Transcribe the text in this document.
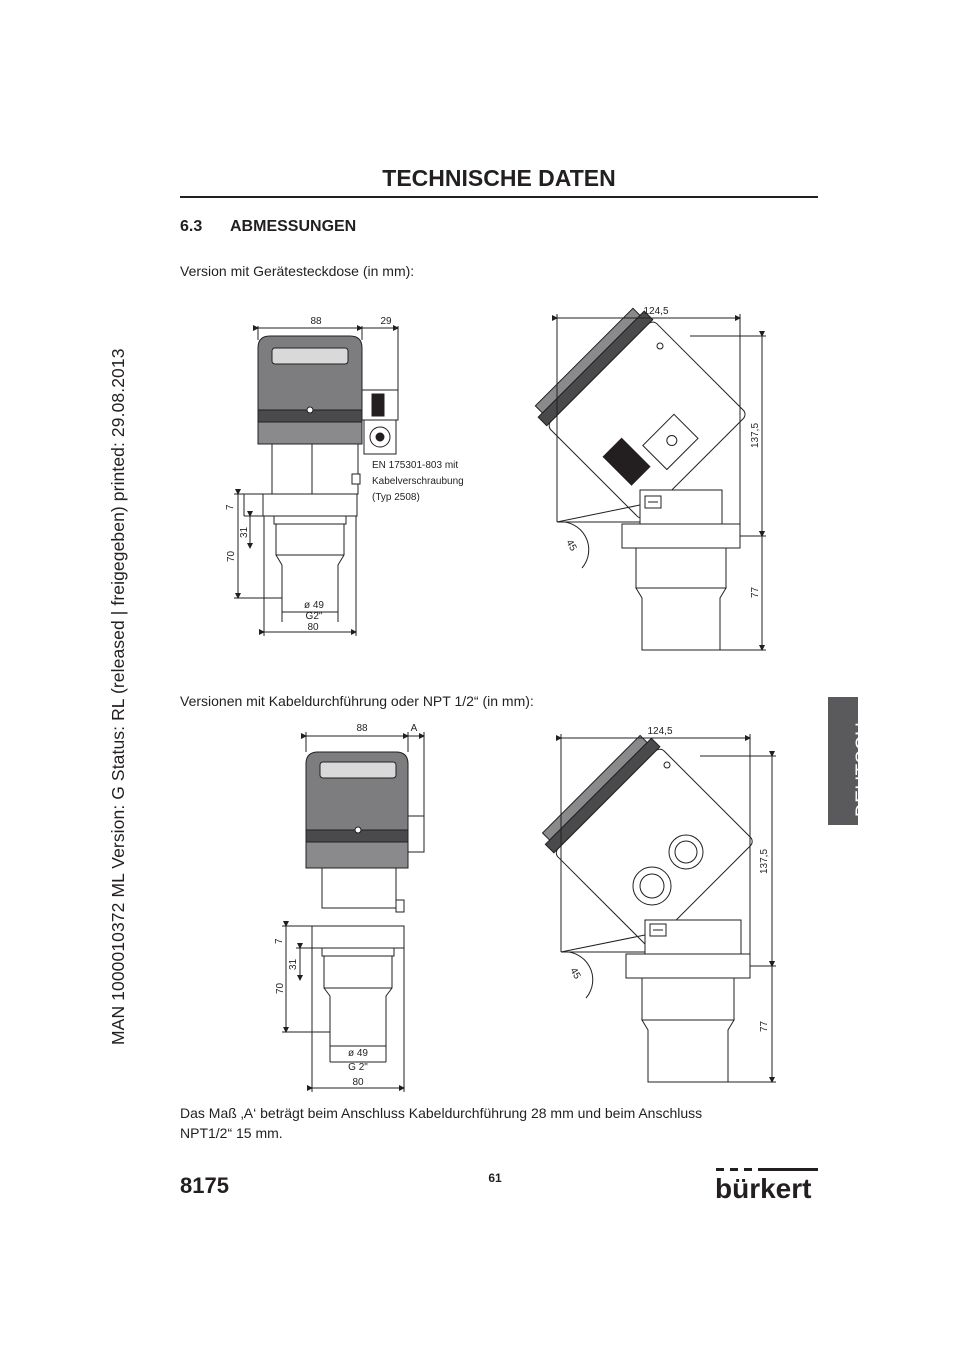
MAN 1000010372 ML Version: G Status: RL (released | freigegeben) printed: 29.08.2013
TECHNISCHE DATEN
6.3 ABMESSUNGEN
Version mit Gerätesteckdose (in mm):
Versionen mit Kabeldurchführung oder NPT 1/2“ (in mm):
88	29
7
31
70
ø 49
G2"
80
EN 175301-803 mit
Kabelverschraubung
(Typ 2508)
124,5
137,5
77
45
88	A
7
31
70
ø 49
G 2"
80
124,5
137,5
77
45
Das Maß ‚A‘ beträgt beim Anschluss Kabeldurchführung 28 mm und beim Anschluss
NPT1/2“ 15 mm.
DEUTSCH
8175	61	bürkert
